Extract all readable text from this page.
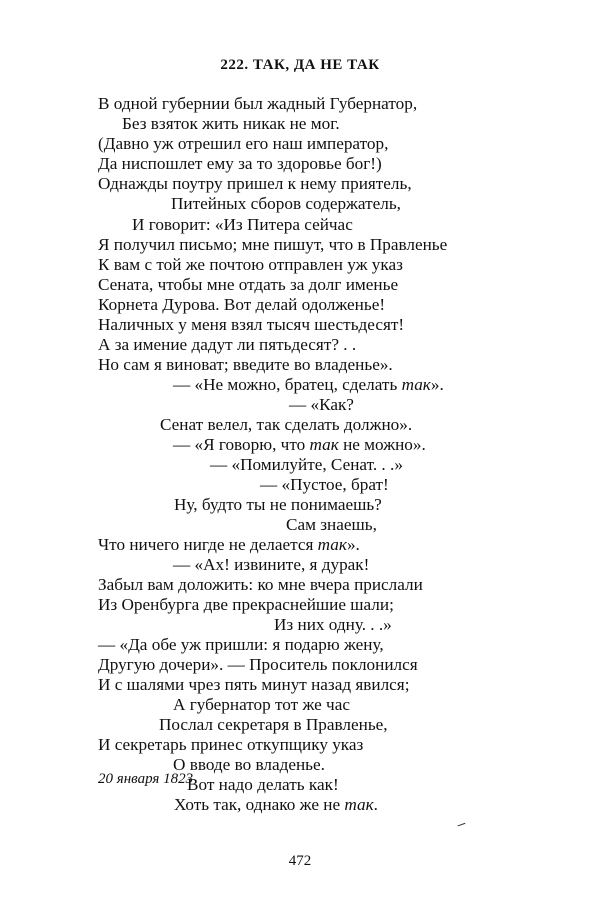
222. ТАК, ДА НЕ ТАК
В одной губернии был жадный Губернатор,
Без взяток жить никак не мог.
(Давно уж отрешил его наш император,
Да ниспошлет ему за то здоровье бог!)
Однажды поутру пришел к нему приятель,
Питейных сборов содержатель,
И говорит: «Из Питера сейчас
Я получил письмо; мне пишут, что в Правленье
К вам с той же почтою отправлен уж указ
Сената, чтобы мне отдать за долг именье
Корнета Дурова. Вот делай одолженье!
Наличных у меня взял тысяч шестьдесят!
А за имение дадут ли пятьдесят? . .
Но сам я виноват; введите во владенье».
— «Не можно, братец, сделать так».
— «Как?
Сенат велел, так сделать должно».
— «Я говорю, что так не можно».
— «Помилуйте, Сенат. . .»
— «Пустое, брат!
Ну, будто ты не понимаешь?
Сам знаешь,
Что ничего нигде не делается так».
— «Ах! извините, я дурак!
Забыл вам доложить: ко мне вчера прислали
Из Оренбурга две прекраснейшие шали;
Из них одну. . .»
— «Да обе уж пришли: я подарю жену,
Другую дочери». — Проситель поклонился
И с шалями чрез пять минут назад явился;
А губернатор тот же час
Послал секретаря в Правленье,
И секретарь принес откупщику указ
О вводе во владенье.
Вот надо делать как!
Хоть так, однако же не так.
20 января 1823
472
